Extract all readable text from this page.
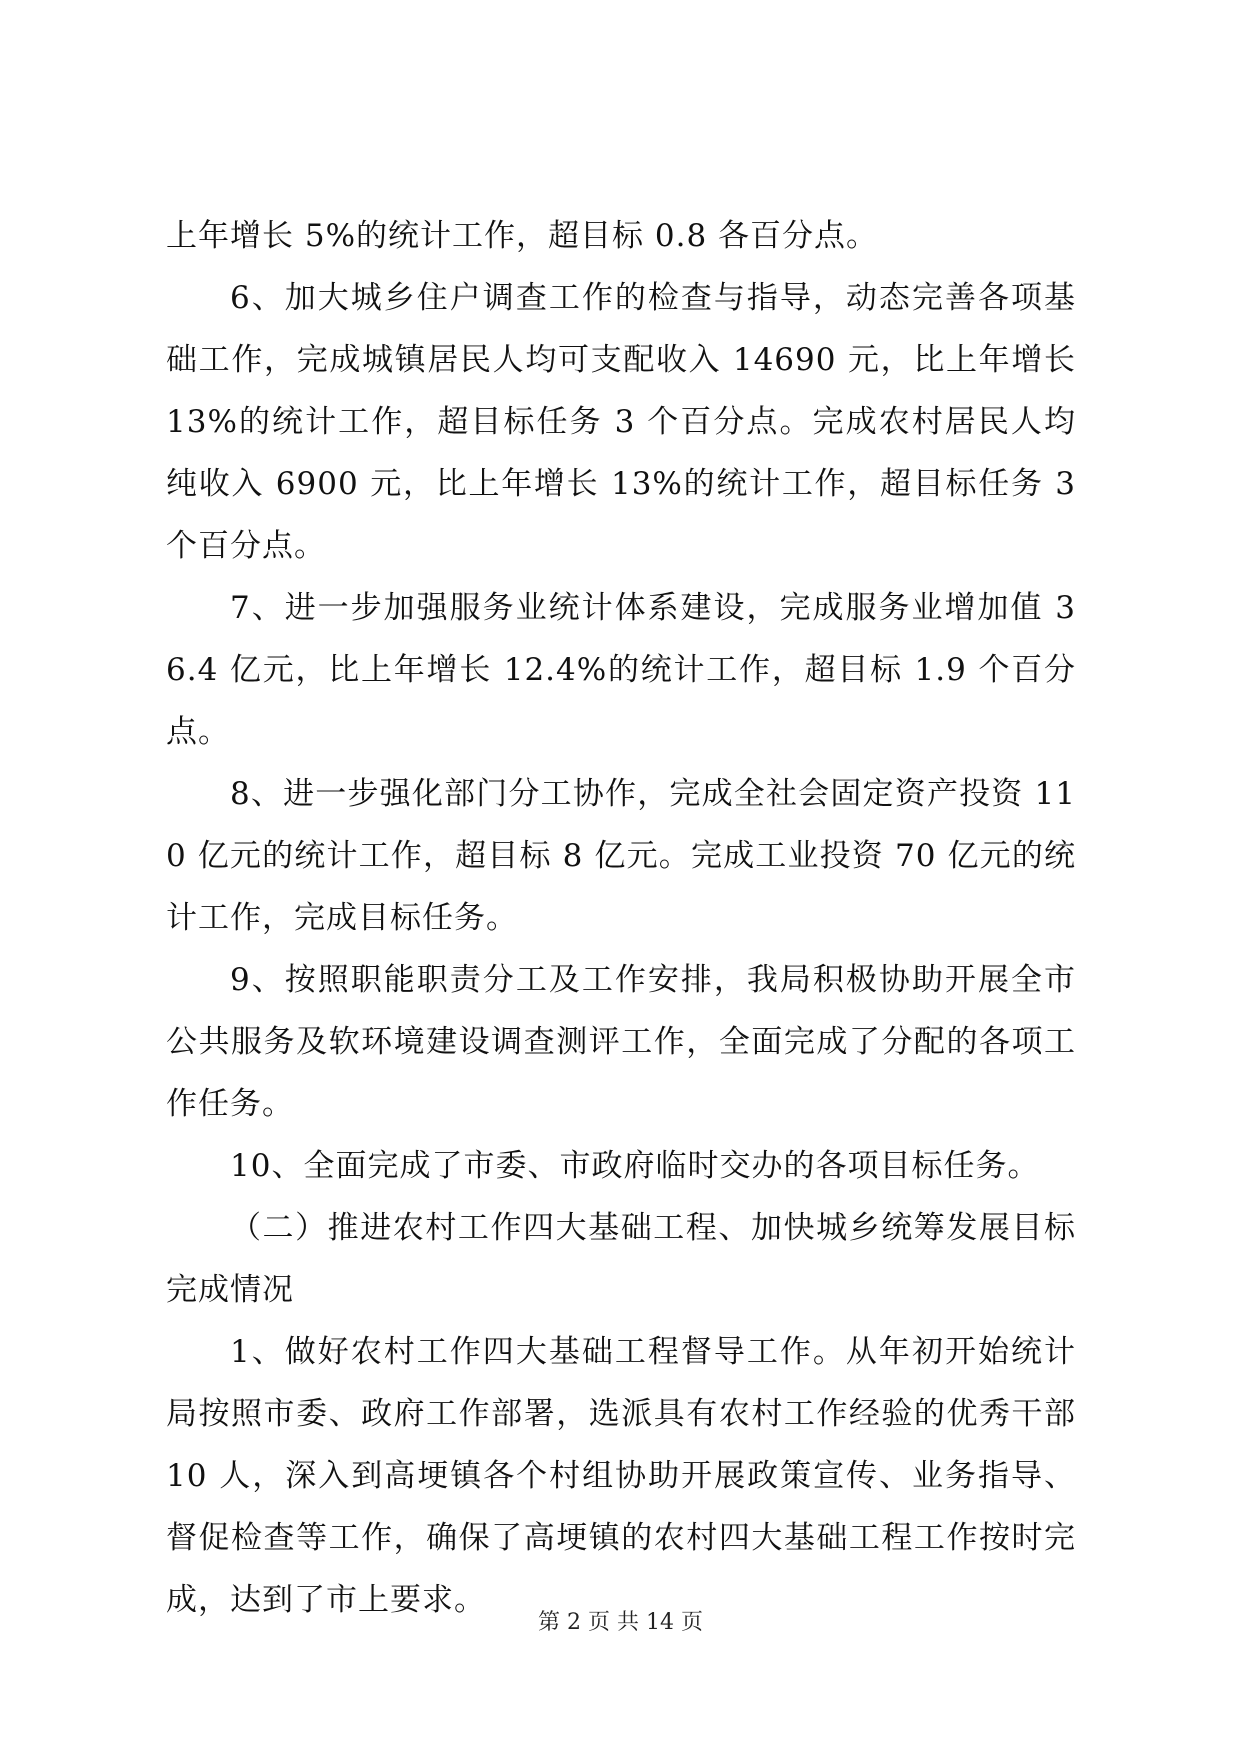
上年增长 5%的统计工作，超目标 0.8 各百分点。

6、加大城乡住户调查工作的检查与指导，动态完善各项基础工作，完成城镇居民人均可支配收入 14690 元，比上年增长 13%的统计工作，超目标任务 3 个百分点。完成农村居民人均纯收入 6900 元，比上年增长 13%的统计工作，超目标任务 3 个百分点。

7、进一步加强服务业统计体系建设，完成服务业增加值 36.4 亿元，比上年增长 12.4%的统计工作，超目标 1.9 个百分点。

8、进一步强化部门分工协作，完成全社会固定资产投资 110 亿元的统计工作，超目标 8 亿元。完成工业投资 70 亿元的统计工作，完成目标任务。

9、按照职能职责分工及工作安排，我局积极协助开展全市公共服务及软环境建设调查测评工作，全面完成了分配的各项工作任务。

10、全面完成了市委、市政府临时交办的各项目标任务。

（二）推进农村工作四大基础工程、加快城乡统筹发展目标完成情况

1、做好农村工作四大基础工程督导工作。从年初开始统计局按照市委、政府工作部署，选派具有农村工作经验的优秀干部 10 人，深入到高埂镇各个村组协助开展政策宣传、业务指导、督促检查等工作，确保了高埂镇的农村四大基础工程工作按时完成，达到了市上要求。

第 2 页 共 14 页
